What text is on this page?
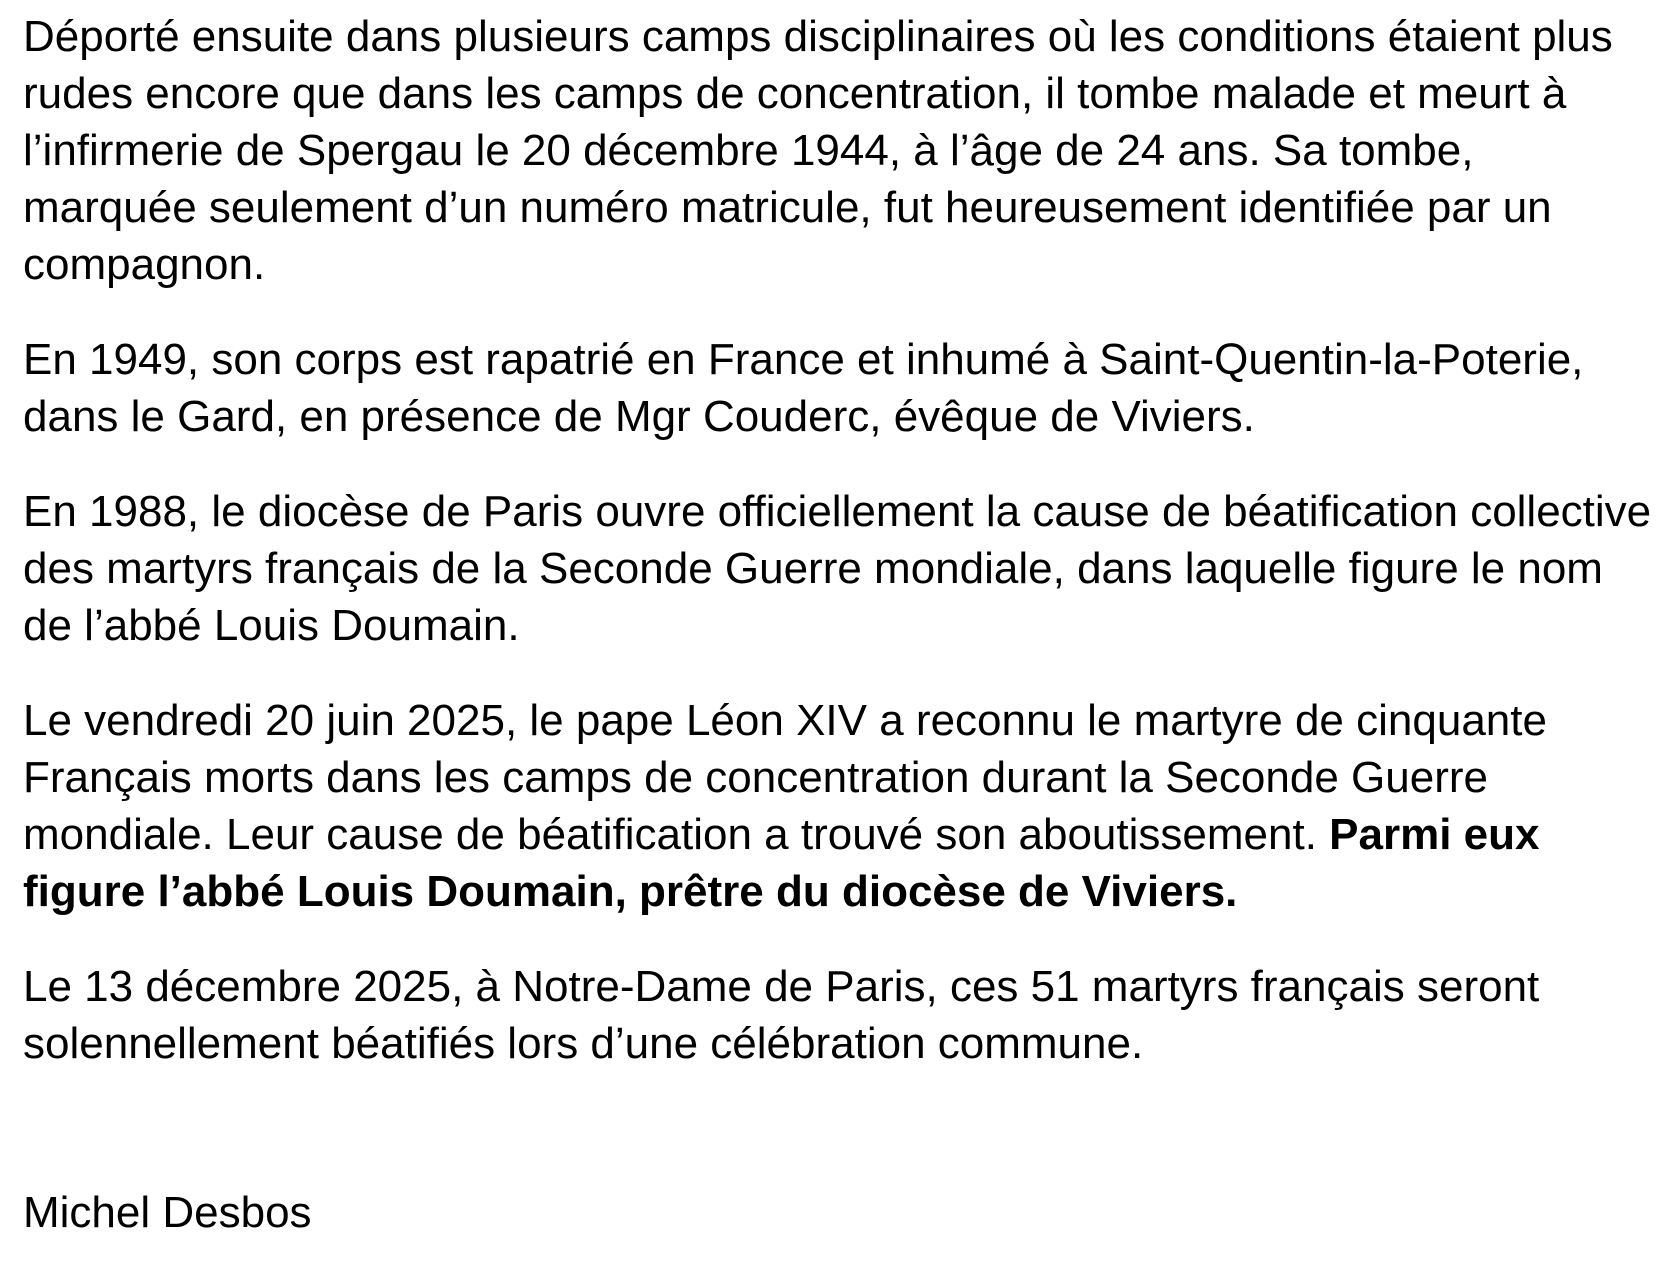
Déporté ensuite dans plusieurs camps disciplinaires où les conditions étaient plus rudes encore que dans les camps de concentration, il tombe malade et meurt à l’infirmerie de Spergau le 20 décembre 1944, à l’âge de 24 ans. Sa tombe, marquée seulement d’un numéro matricule, fut heureusement identifiée par un compagnon.

En 1949, son corps est rapatrié en France et inhumé à Saint-Quentin-la-Poterie, dans le Gard, en présence de Mgr Couderc, évêque de Viviers.

En 1988, le diocèse de Paris ouvre officiellement la cause de béatification collective des martyrs français de la Seconde Guerre mondiale, dans laquelle figure le nom de l’abbé Louis Doumain.

Le vendredi 20 juin 2025, le pape Léon XIV a reconnu le martyre de cinquante Français morts dans les camps de concentration durant la Seconde Guerre mondiale. Leur cause de béatification a trouvé son aboutissement. Parmi eux figure l’abbé Louis Doumain, prêtre du diocèse de Viviers.

Le 13 décembre 2025, à Notre-Dame de Paris, ces 51 martyrs français seront solennellement béatifiés lors d’une célébration commune.

Michel Desbos
